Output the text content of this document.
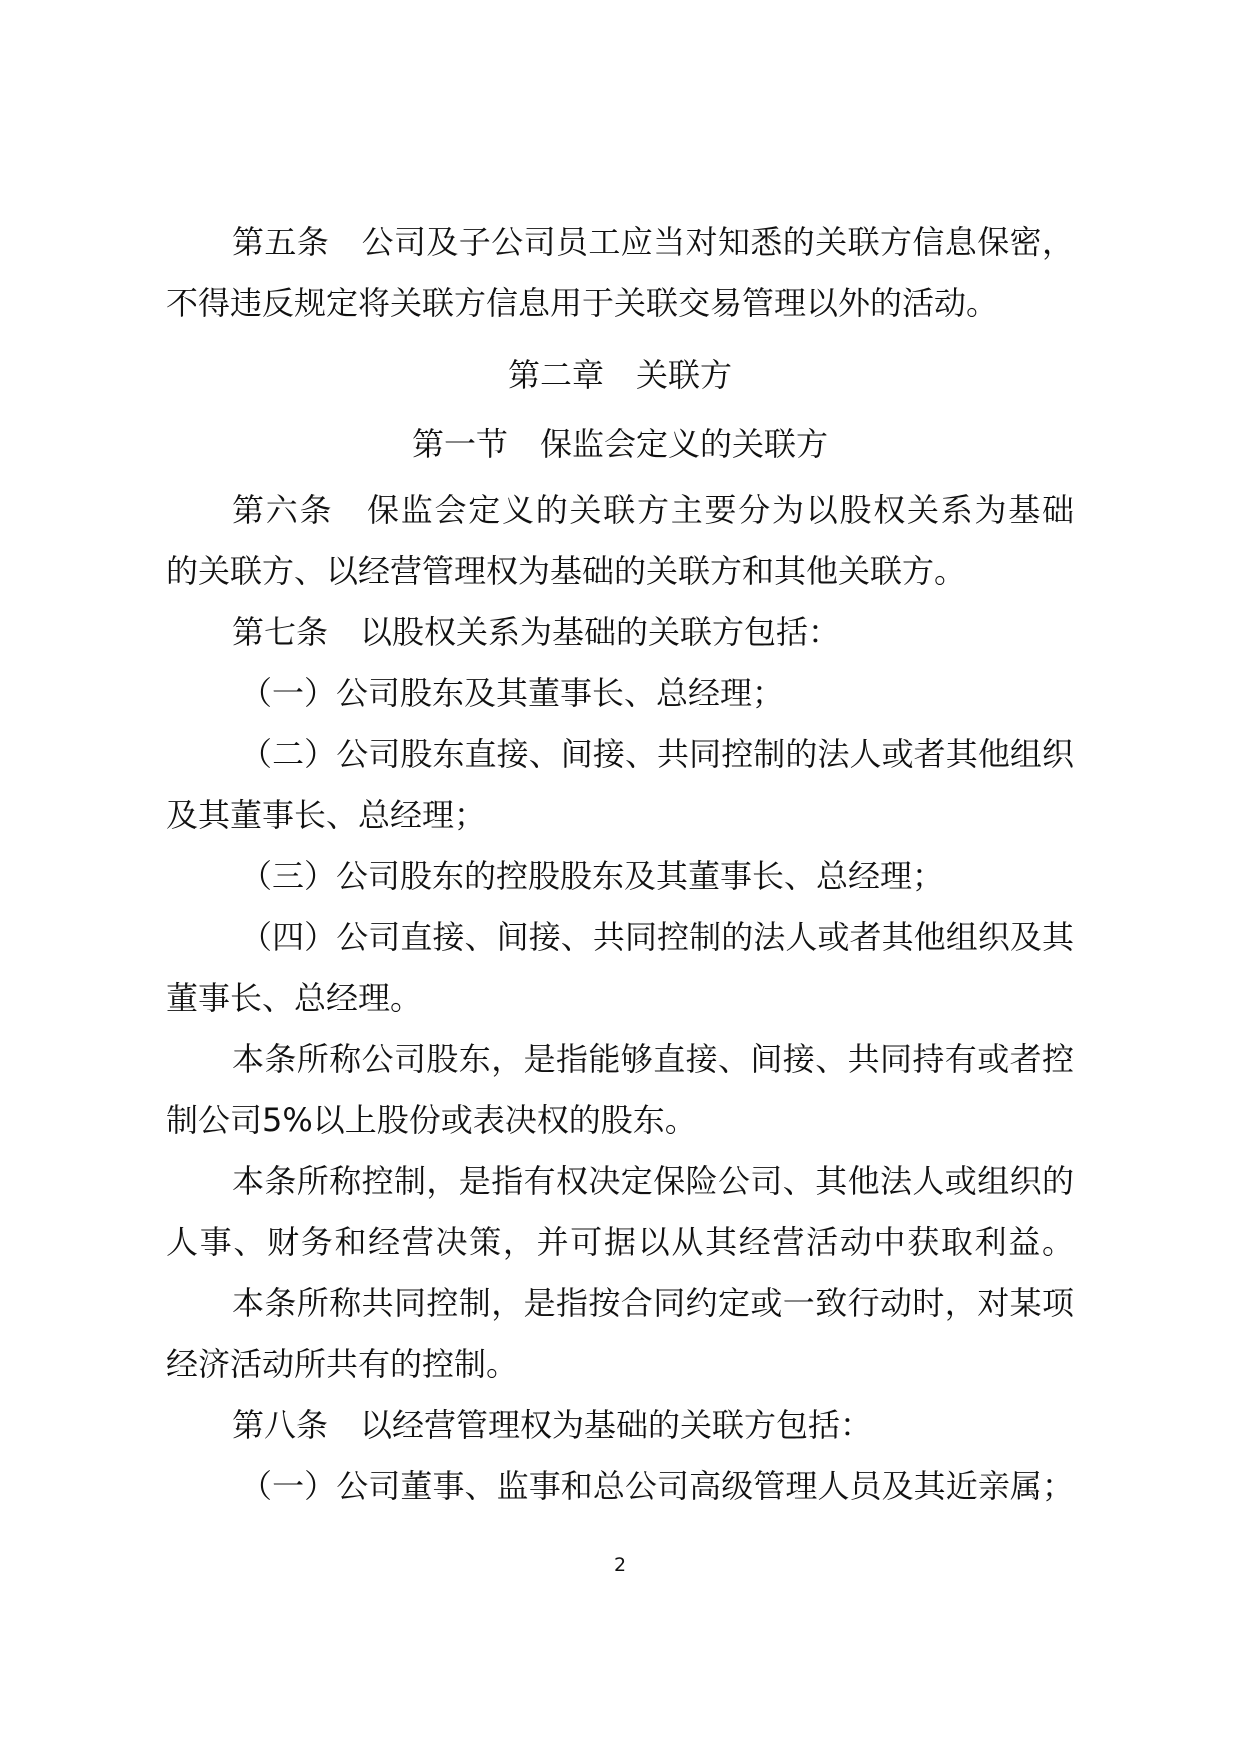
第五条　公司及子公司员工应当对知悉的关联方信息保密，
不得违反规定将关联方信息用于关联交易管理以外的活动。
第二章　关联方
第一节　保监会定义的关联方
第六条　保监会定义的关联方主要分为以股权关系为基础
的关联方、以经营管理权为基础的关联方和其他关联方。
第七条　以股权关系为基础的关联方包括：
（一）公司股东及其董事长、总经理；
（二）公司股东直接、间接、共同控制的法人或者其他组织
及其董事长、总经理；
（三）公司股东的控股股东及其董事长、总经理；
（四）公司直接、间接、共同控制的法人或者其他组织及其
董事长、总经理。
本条所称公司股东，是指能够直接、间接、共同持有或者控
制公司5%以上股份或表决权的股东。
本条所称控制，是指有权决定保险公司、其他法人或组织的
人事、财务和经营决策，并可据以从其经营活动中获取利益。
本条所称共同控制，是指按合同约定或一致行动时，对某项
经济活动所共有的控制。
第八条　以经营管理权为基础的关联方包括：
（一）公司董事、监事和总公司高级管理人员及其近亲属；
2
